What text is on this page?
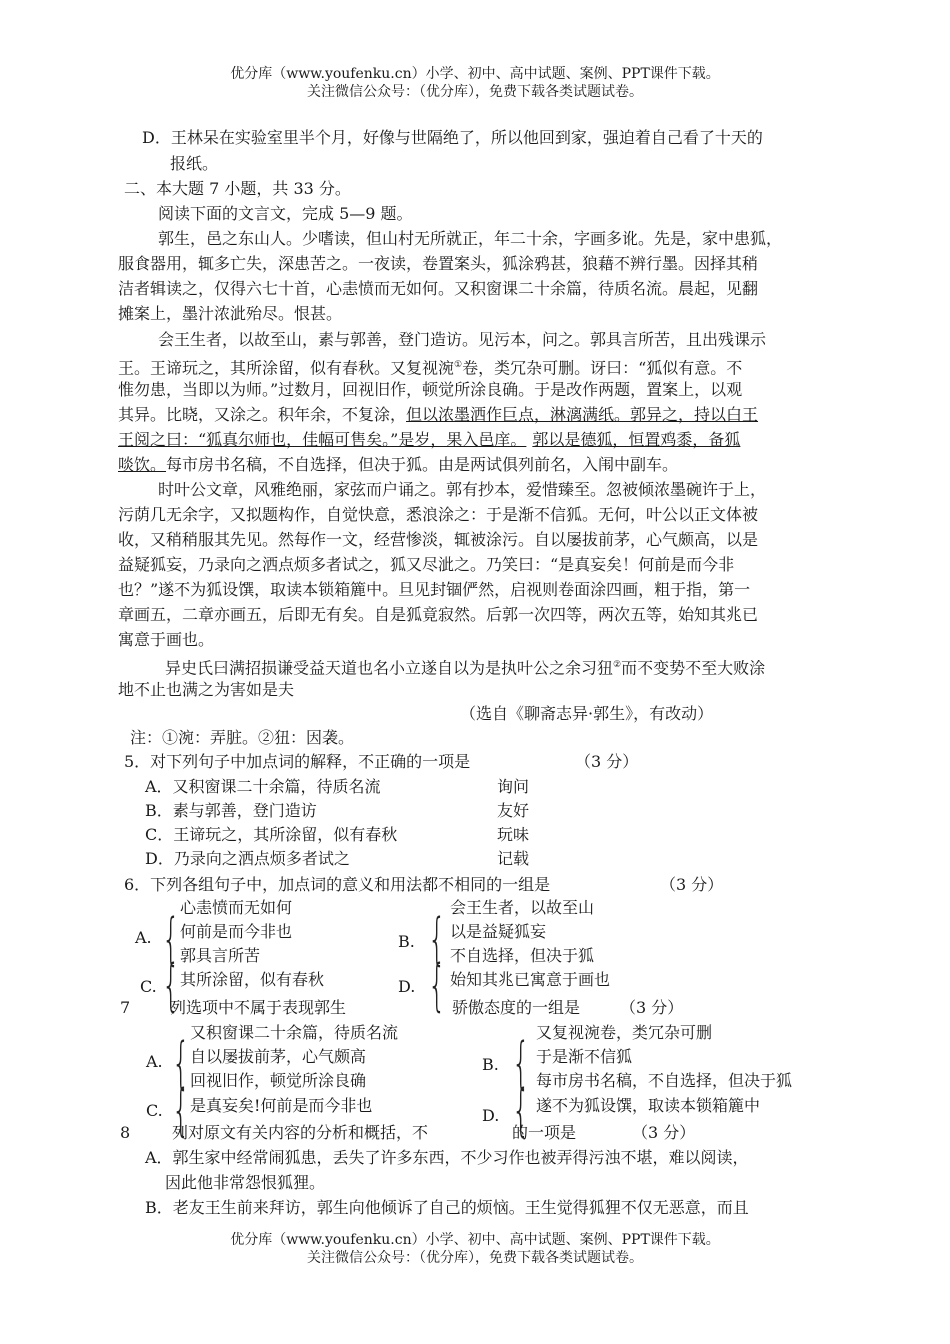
优分库（www.youfenku.cn）小学、初中、高中试题、案例、PPT课件下载。
关注微信公众号：（优分库），免费下载各类试题试卷。
D．王林呆在实验室里半个月，好像与世隔绝了，所以他回到家，强迫着自己看了十天的
报纸。
二、本大题 7 小题，共 33 分。
阅读下面的文言文，完成 5—9 题。
郭生，邑之东山人。少嗜读，但山村无所就正，年二十余，字画多讹。先是，家中患狐，
服食器用，辄多亡失，深患苦之。一夜读，卷置案头，狐涂鸦甚，狼藉不辨行墨。因择其稍
洁者辑读之，仅得六七十首，心恚愤而无如何。又积窗课二十余篇，待质名流。晨起，见翻
摊案上，墨汁浓泚殆尽。恨甚。
会王生者，以故至山，素与郭善，登门造访。见污本，问之。郭具言所苦，且出残课示
王。王谛玩之，其所涂留，似有春秋。又复视涴①卷，类冗杂可删。讶曰：“狐似有意。不
惟勿患，当即以为师。”过数月，回视旧作，顿觉所涂良确。于是改作两题，置案上，以观
其异。比晓，又涂之。积年余，不复涂，但以浓墨洒作巨点，淋漓满纸。郭异之，持以白王
王阅之曰：“狐真尔师也，佳幅可售矣。”是岁，果入邑庠。 郭以是德狐，恒置鸡黍，备狐
啖饮。每市房书名稿，不自选择，但决于狐。由是两试俱列前名，入闱中副车。
时叶公文章，风雅绝丽，家弦而户诵之。郭有抄本，爱惜臻至。忽被倾浓墨碗许于上，
污荫几无余字，又拟题构作，自觉快意，悉浪涂之：于是渐不信狐。无何，叶公以正文体被
收，又稍稍服其先见。然每作一文，经营惨淡，辄被涂污。自以屡拔前茅，心气颇高，以是
益疑狐妄，乃录向之洒点烦多者试之，狐又尽泚之。乃笑曰：“是真妄矣！何前是而今非
也？”遂不为狐设馔，取读本锁箱簏中。旦见封锢俨然，启视则卷面涂四画，粗于指，第一
章画五，二章亦画五，后即无有矣。自是狐竟寂然。后郭一次四等，两次五等，始知其兆已
寓意于画也。
异史氏曰满招损谦受益天道也名小立遂自以为是执叶公之余习狃②而不变势不至大败涂
地不止也满之为害如是夫
（选自《聊斋志异·郭生》，有改动）
注：①涴：弄脏。②狃：因袭。
5．对下列句子中加点词的解释，不正确的一项是	（3 分）
A．又积窗课二十余篇，待质名流	询问
B．素与郭善，登门造访	友好
C．王谛玩之，其所涂留，似有春秋	玩味
D．乃录向之洒点烦多者试之	记载
6．下列各组句子中，加点词的意义和用法都不相同的一组是	（3 分）
心恚愤而无如何
A. { 何前是而今非也
郭具言所苦
会王生者，以故至山
B. { 以是益疑狐妄
不自选择，但决于狐
C. { 其所涂留，似有春秋	D. { 始知其兆已寓意于画也
7 列选项中不属于表现郭生	骄傲态度的一组是 （3 分）
又积窗课二十余篇，待质名流
A. { 自以屡拔前茅，心气颇高
回视旧作，顿觉所涂良确
又复视涴卷，类冗杂可删
B. { 于是渐不信狐
每市房书名稿，不自选择，但决于狐
C. { 是真妄矣!何前是而今非也
D. { 遂不为狐设馔，取读本锁箱簏中
8	列对原文有关内容的分析和概括，不	的一项是	（3 分）
A．郭生家中经常闹狐患，丢失了许多东西，不少习作也被弄得污浊不堪，难以阅读，
因此他非常怨恨狐狸。
B．老友王生前来拜访，郭生向他倾诉了自己的烦恼。王生觉得狐狸不仅无恶意，而且
优分库（www.youfenku.cn）小学、初中、高中试题、案例、PPT课件下载。
关注微信公众号：（优分库），免费下载各类试题试卷。
